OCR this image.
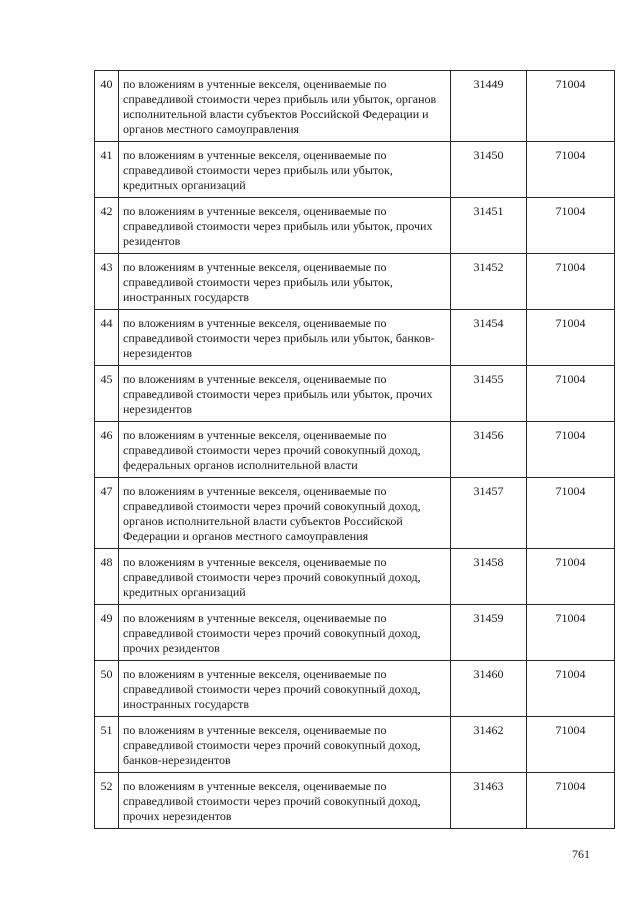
40	по вложениям в учтенные векселя, оцениваемые по справедливой стоимости через прибыль или убыток, органов исполнительной власти субъектов Российской Федерации и органов местного самоуправления	31449	71004
41	по вложениям в учтенные векселя, оцениваемые по справедливой стоимости через прибыль или убыток, кредитных организаций	31450	71004
42	по вложениям в учтенные векселя, оцениваемые по справедливой стоимости через прибыль или убыток, прочих резидентов	31451	71004
43	по вложениям в учтенные векселя, оцениваемые по справедливой стоимости через прибыль или убыток, иностранных государств	31452	71004
44	по вложениям в учтенные векселя, оцениваемые по справедливой стоимости через прибыль или убыток, банков-нерезидентов	31454	71004
45	по вложениям в учтенные векселя, оцениваемые по справедливой стоимости через прибыль или убыток, прочих нерезидентов	31455	71004
46	по вложениям в учтенные векселя, оцениваемые по справедливой стоимости через прочий совокупный доход, федеральных органов исполнительной власти	31456	71004
47	по вложениям в учтенные векселя, оцениваемые по справедливой стоимости через прочий совокупный доход, органов исполнительной власти субъектов Российской Федерации и органов местного самоуправления	31457	71004
48	по вложениям в учтенные векселя, оцениваемые по справедливой стоимости через прочий совокупный доход, кредитных организаций	31458	71004
49	по вложениям в учтенные векселя, оцениваемые по справедливой стоимости через прочий совокупный доход, прочих резидентов	31459	71004
50	по вложениям в учтенные векселя, оцениваемые по справедливой стоимости через прочий совокупный доход, иностранных государств	31460	71004
51	по вложениям в учтенные векселя, оцениваемые по справедливой стоимости через прочий совокупный доход, банков-нерезидентов	31462	71004
52	по вложениям в учтенные векселя, оцениваемые по справедливой стоимости через прочий совокупный доход, прочих нерезидентов	31463	71004
761
